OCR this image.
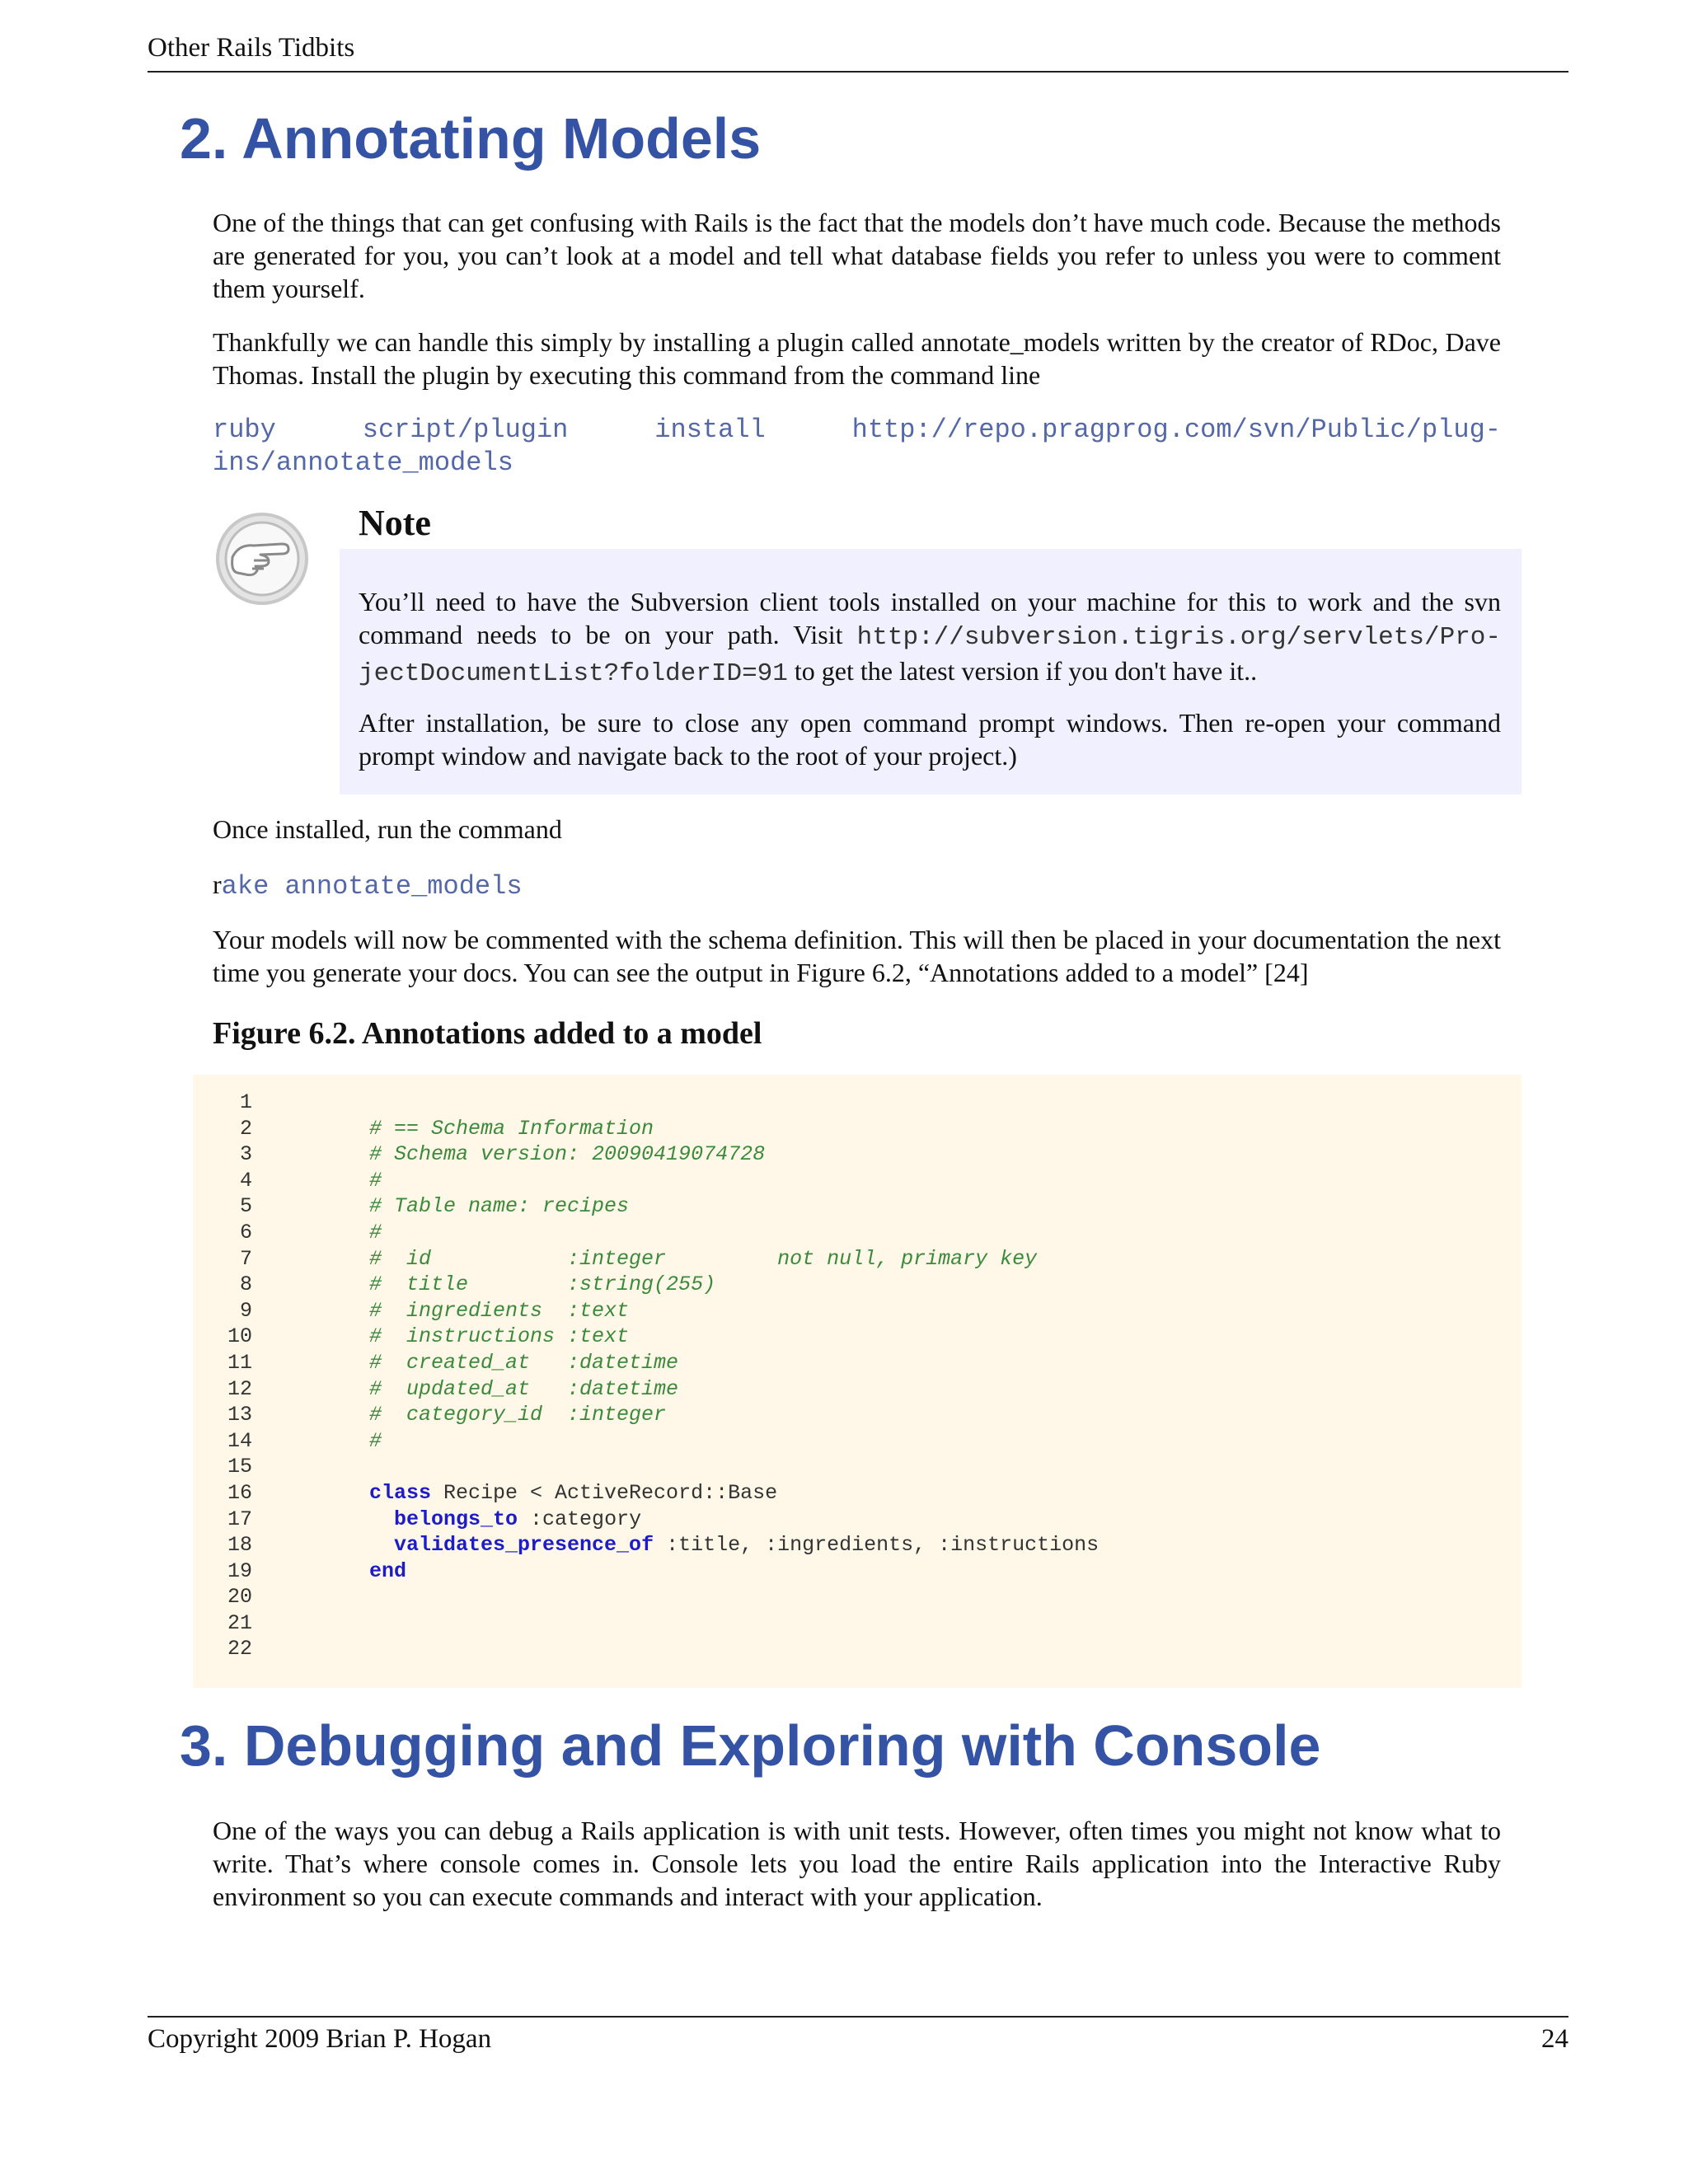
Other Rails Tidbits
2. Annotating Models

One of the things that can get confusing with Rails is the fact that the models don’t have much code. Because the methods are generated for you, you can’t look at a model and tell what database fields you refer to unless you were to comment them yourself.

Thankfully we can handle this simply by installing a plugin called annotate_models written by the creator of RDoc, Dave Thomas. Install the plugin by executing this command from the command line

ruby	script/plugin	install	http://repo.pragprog.com/svn/Public/plug-
ins/annotate_models
Note

You’ll need to have the Subversion client tools installed on your machine for this to work and the svn command needs to be on your path. Visit http://subversion.tigris.org/servlets/Pro- jectDocumentList?folderID=91 to get the latest version if you don't have it..

After installation, be sure to close any open command prompt windows. Then re-open your command prompt window and navigate back to the root of your project.)

Once installed, run the command

rake annotate_models

Your models will now be commented with the schema definition. This will then be placed in your documentation the next time you generate your docs. You can see the output in Figure 6.2, “Annotations added to a model” [24]

Figure 6.2. Annotations added to a model
1
2	# == Schema Information
3	# Schema version: 20090419074728
4	#
5	# Table name: recipes
6	#
7	#  id           :integer         not null, primary key
8	#  title        :string(255)
9	#  ingredients  :text
10	#  instructions :text
11	#  created_at   :datetime
12	#  updated_at   :datetime
13	#  category_id  :integer
14	#
15
16	class Recipe < ActiveRecord::Base
17	belongs_to :category
18	validates_presence_of :title, :ingredients, :instructions
19	end
20
21
22
3. Debugging and Exploring with Console

One of the ways you can debug a Rails application is with unit tests. However, often times you might not know what to write. That’s where console comes in. Console lets you load the entire Rails application into the Interactive Ruby environment so you can execute commands and interact with your application.

Copyright 2009 Brian P. Hogan	24
